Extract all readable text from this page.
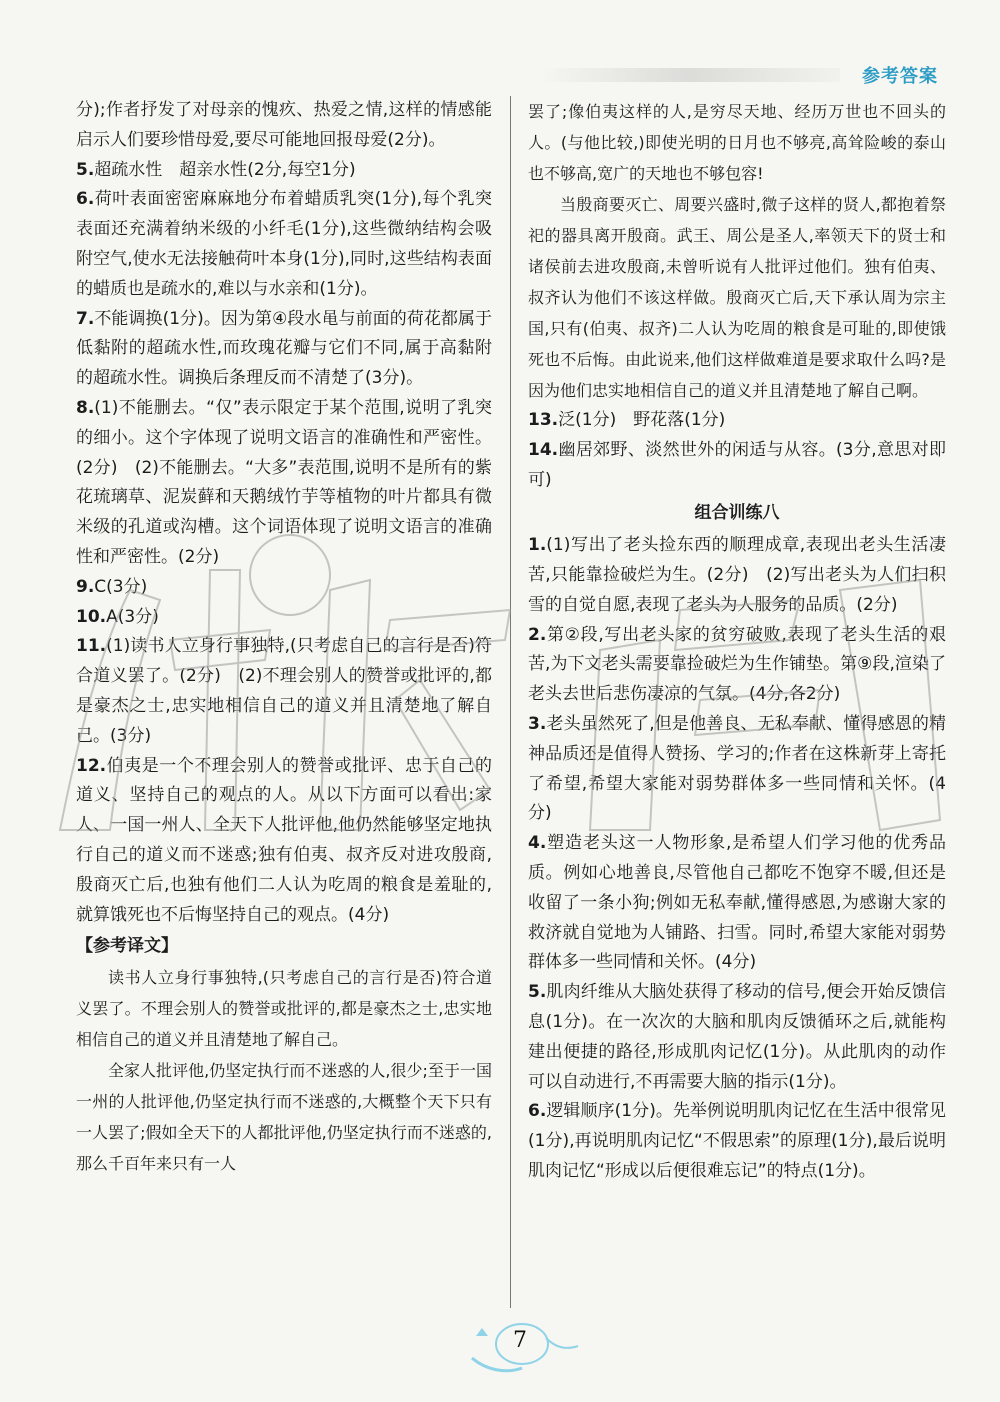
参考答案

分);作者抒发了对母亲的愧疚、热爱之情,这样的情感能启示人们要珍惜母爱,要尽可能地回报母爱(2分)。

5.超疏水性　超亲水性(2分,每空1分)

6.荷叶表面密密麻麻地分布着蜡质乳突(1分),每个乳突表面还充满着纳米级的小纤毛(1分),这些微纳结构会吸附空气,使水无法接触荷叶本身(1分),同时,这些结构表面的蜡质也是疏水的,难以与水亲和(1分)。

7.不能调换(1分)。因为第④段水黾与前面的荷花都属于低黏附的超疏水性,而玫瑰花瓣与它们不同,属于高黏附的超疏水性。调换后条理反而不清楚了(3分)。

8.(1)不能删去。“仅”表示限定于某个范围,说明了乳突的细小。这个字体现了说明文语言的准确性和严密性。(2分)　(2)不能删去。“大多”表范围,说明不是所有的紫花琉璃草、泥炭藓和天鹅绒竹芋等植物的叶片都具有微米级的孔道或沟槽。这个词语体现了说明文语言的准确性和严密性。(2分)

9.C(3分)

10.A(3分)

11.(1)读书人立身行事独特,(只考虑自己的言行是否)符合道义罢了。(2分)　(2)不理会别人的赞誉或批评的,都是豪杰之士,忠实地相信自己的道义并且清楚地了解自己。(3分)

12.伯夷是一个不理会别人的赞誉或批评、忠于自己的道义、坚持自己的观点的人。从以下方面可以看出:家人、一国一州人、全天下人批评他,他仍然能够坚定地执行自己的道义而不迷惑;独有伯夷、叔齐反对进攻殷商,殷商灭亡后,也独有他们二人认为吃周的粮食是羞耻的,就算饿死也不后悔坚持自己的观点。(4分)

【参考译文】

读书人立身行事独特,(只考虑自己的言行是否)符合道义罢了。不理会别人的赞誉或批评的,都是豪杰之士,忠实地相信自己的道义并且清楚地了解自己。

全家人批评他,仍坚定执行而不迷惑的人,很少;至于一国一州的人批评他,仍坚定执行而不迷惑的,大概整个天下只有一人罢了;假如全天下的人都批评他,仍坚定执行而不迷惑的,那么千百年来只有一人

罢了;像伯夷这样的人,是穷尽天地、经历万世也不回头的人。(与他比较,)即使光明的日月也不够亮,高耸险峻的泰山也不够高,宽广的天地也不够包容!

当殷商要灭亡、周要兴盛时,微子这样的贤人,都抱着祭祀的器具离开殷商。武王、周公是圣人,率领天下的贤士和诸侯前去进攻殷商,未曾听说有人批评过他们。独有伯夷、叔齐认为他们不该这样做。殷商灭亡后,天下承认周为宗主国,只有(伯夷、叔齐)二人认为吃周的粮食是可耻的,即使饿死也不后悔。由此说来,他们这样做难道是要求取什么吗?是因为他们忠实地相信自己的道义并且清楚地了解自己啊。

13.泛(1分)　野花落(1分)

14.幽居郊野、淡然世外的闲适与从容。(3分,意思对即可)

组合训练八

1.(1)写出了老头捡东西的顺理成章,表现出老头生活凄苦,只能靠捡破烂为生。(2分)　(2)写出老头为人们扫积雪的自觉自愿,表现了老头为人服务的品质。(2分)

2.第②段,写出老头家的贫穷破败,表现了老头生活的艰苦,为下文老头需要靠捡破烂为生作铺垫。第⑨段,渲染了老头去世后悲伤凄凉的气氛。(4分,各2分)

3.老头虽然死了,但是他善良、无私奉献、懂得感恩的精神品质还是值得人赞扬、学习的;作者在这株新芽上寄托了希望,希望大家能对弱势群体多一些同情和关怀。(4分)

4.塑造老头这一人物形象,是希望人们学习他的优秀品质。例如心地善良,尽管他自己都吃不饱穿不暖,但还是收留了一条小狗;例如无私奉献,懂得感恩,为感谢大家的救济就自觉地为人铺路、扫雪。同时,希望大家能对弱势群体多一些同情和关怀。(4分)

5.肌肉纤维从大脑处获得了移动的信号,便会开始反馈信息(1分)。在一次次的大脑和肌肉反馈循环之后,就能构建出便捷的路径,形成肌肉记忆(1分)。从此肌肉的动作可以自动进行,不再需要大脑的指示(1分)。

6.逻辑顺序(1分)。先举例说明肌肉记忆在生活中很常见(1分),再说明肌肉记忆“不假思索”的原理(1分),最后说明肌肉记忆“形成以后便很难忘记”的特点(1分)。

7
